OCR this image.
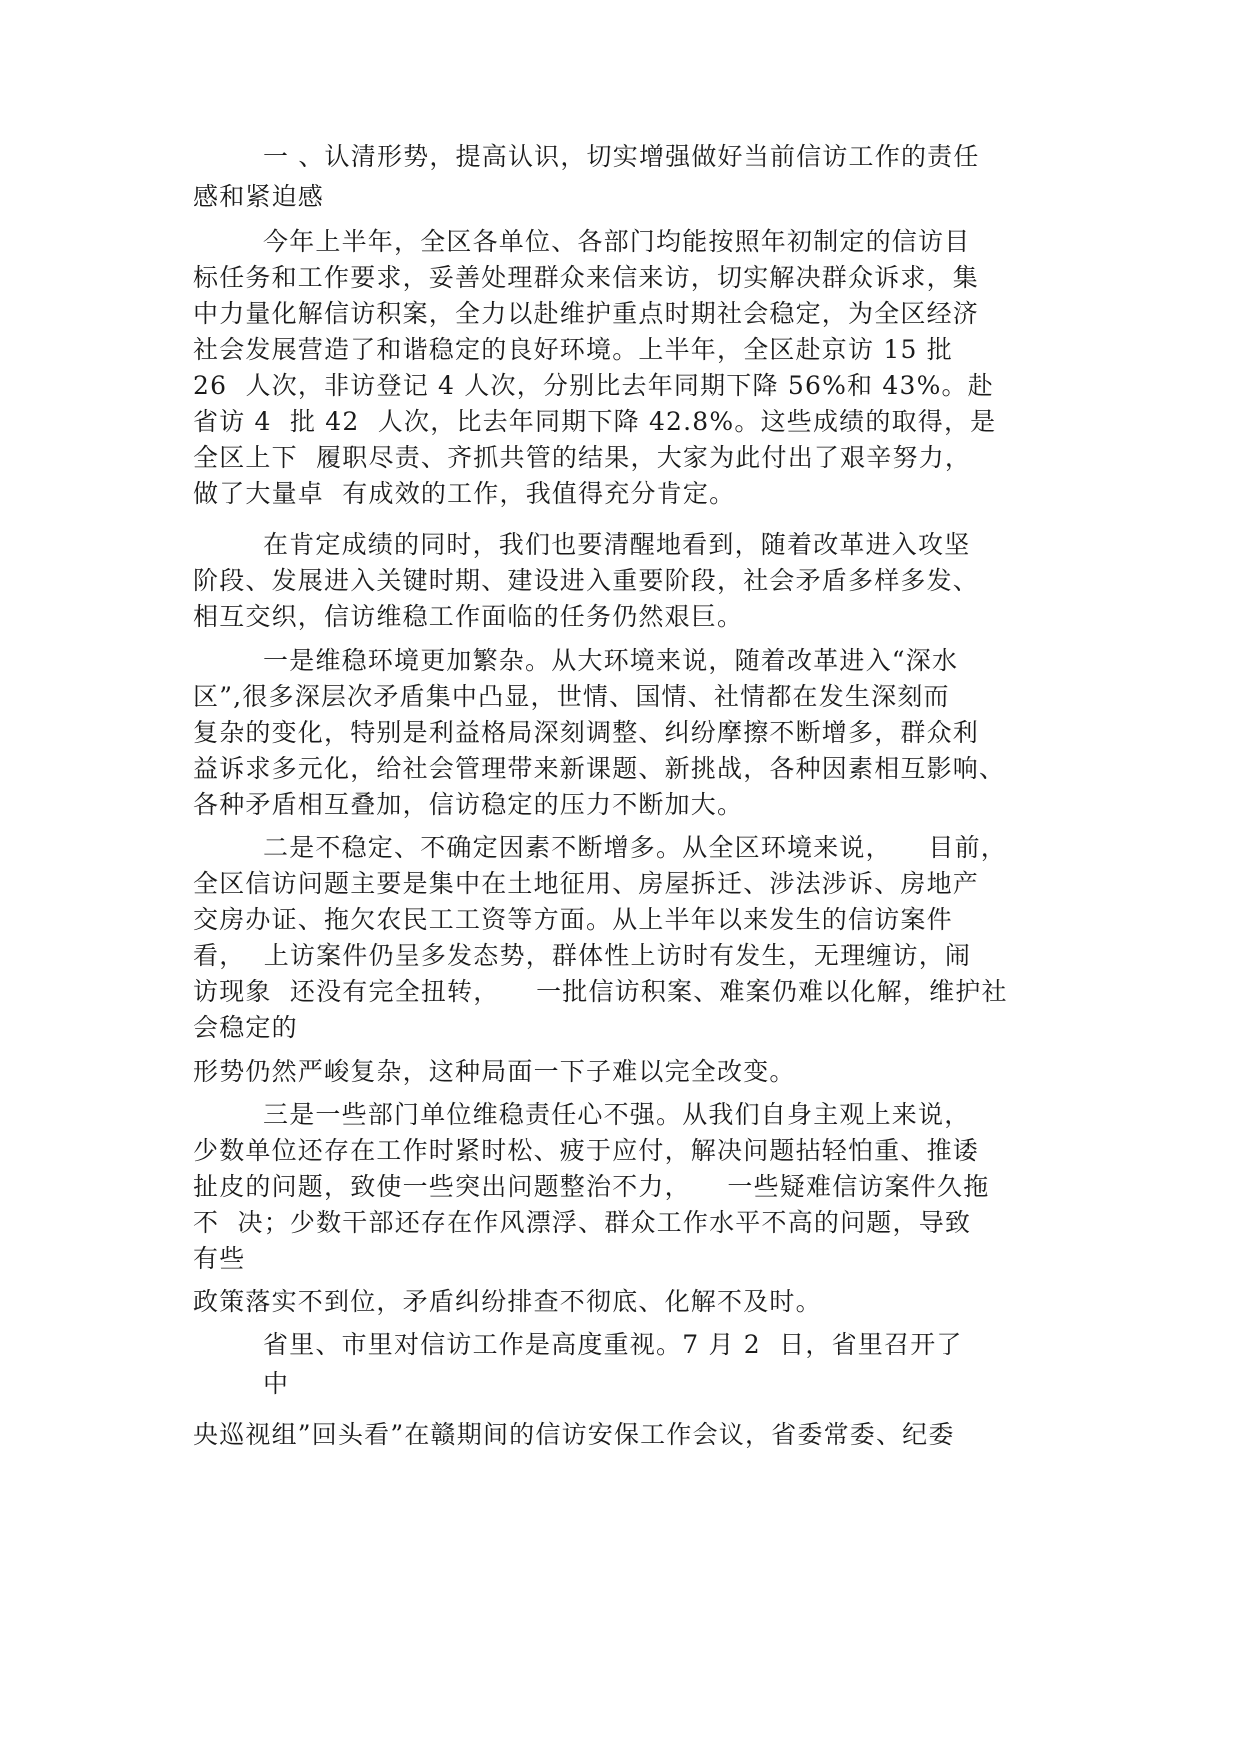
一 、认清形势，提高认识，切实增强做好当前信访工作的责任
感和紧迫感
今年上半年，全区各单位、各部门均能按照年初制定的信访目
标任务和工作要求，妥善处理群众来信来访，切实解决群众诉求，集
中力量化解信访积案，全力以赴维护重点时期社会稳定，为全区经济
社会发展营造了和谐稳定的良好环境。上半年，全区赴京访 15 批
26  人次，非访登记 4 人次，分别比去年同期下降 56%和 43%。赴
省访 4  批 42  人次，比去年同期下降 42.8%。这些成绩的取得，是
全区上下  履职尽责、齐抓共管的结果，大家为此付出了艰辛努力，
做了大量卓  有成效的工作，我值得充分肯定。
在肯定成绩的同时，我们也要清醒地看到，随着改革进入攻坚
阶段、发展进入关键时期、建设进入重要阶段，社会矛盾多样多发、
相互交织，信访维稳工作面临的任务仍然艰巨。
一是维稳环境更加繁杂。从大环境来说，随着改革进入“深水
区”,很多深层次矛盾集中凸显，世情、国情、社情都在发生深刻而
复杂的变化，特别是利益格局深刻调整、纠纷摩擦不断增多，群众利
益诉求多元化，给社会管理带来新课题、新挑战，各种因素相互影响、
各种矛盾相互叠加，信访稳定的压力不断加大。
二是不稳定、不确定因素不断增多。从全区环境来说，    目前，
全区信访问题主要是集中在土地征用、房屋拆迁、涉法涉诉、房地产
交房办证、拖欠农民工工资等方面。从上半年以来发生的信访案件
看，  上访案件仍呈多发态势，群体性上访时有发生，无理缠访，闹
访现象  还没有完全扭转，    一批信访积案、难案仍难以化解，维护社
会稳定的
形势仍然严峻复杂，这种局面一下子难以完全改变。
三是一些部门单位维稳责任心不强。从我们自身主观上来说，
少数单位还存在工作时紧时松、疲于应付，解决问题拈轻怕重、推诿
扯皮的问题，致使一些突出问题整治不力，    一些疑难信访案件久拖
不  决；少数干部还存在作风漂浮、群众工作水平不高的问题，导致
有些
政策落实不到位，矛盾纠纷排查不彻底、化解不及时。
省里、市里对信访工作是高度重视。7 月 2  日，省里召开了
中
央巡视组”回头看”在赣期间的信访安保工作会议，省委常委、纪委
